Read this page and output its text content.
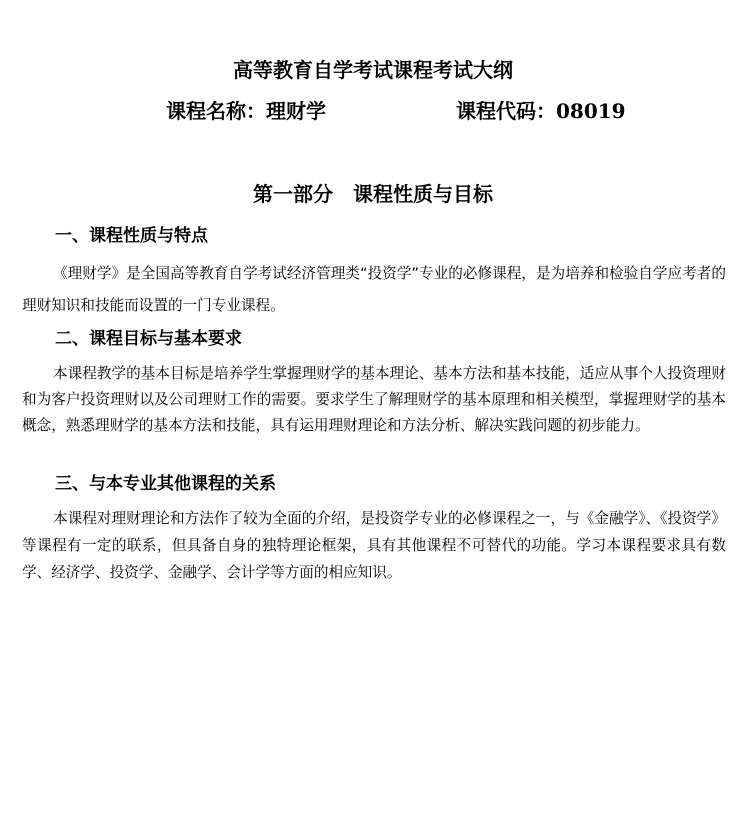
高等教育自学考试课程考试大纲
课程名称：理财学	课程代码：08019
第一部分　课程性质与目标
一、课程性质与特点

《理财学》是全国高等教育自学考试经济管理类“投资学”专业的必修课程，是为培养和检验自学应考者的理财知识和技能而设置的一门专业课程。

二、课程目标与基本要求

本课程教学的基本目标是培养学生掌握理财学的基本理论、基本方法和基本技能，适应从事个人投资理财和为客户投资理财以及公司理财工作的需要。要求学生了解理财学的基本原理和相关模型，掌握理财学的基本概念，熟悉理财学的基本方法和技能，具有运用理财理论和方法分析、解决实践问题的初步能力。

三、与本专业其他课程的关系

本课程对理财理论和方法作了较为全面的介绍，是投资学专业的必修课程之一，与《金融学》、《投资学》等课程有一定的联系，但具备自身的独特理论框架，具有其他课程不可替代的功能。学习本课程要求具有数学、经济学、投资学、金融学、会计学等方面的相应知识。
